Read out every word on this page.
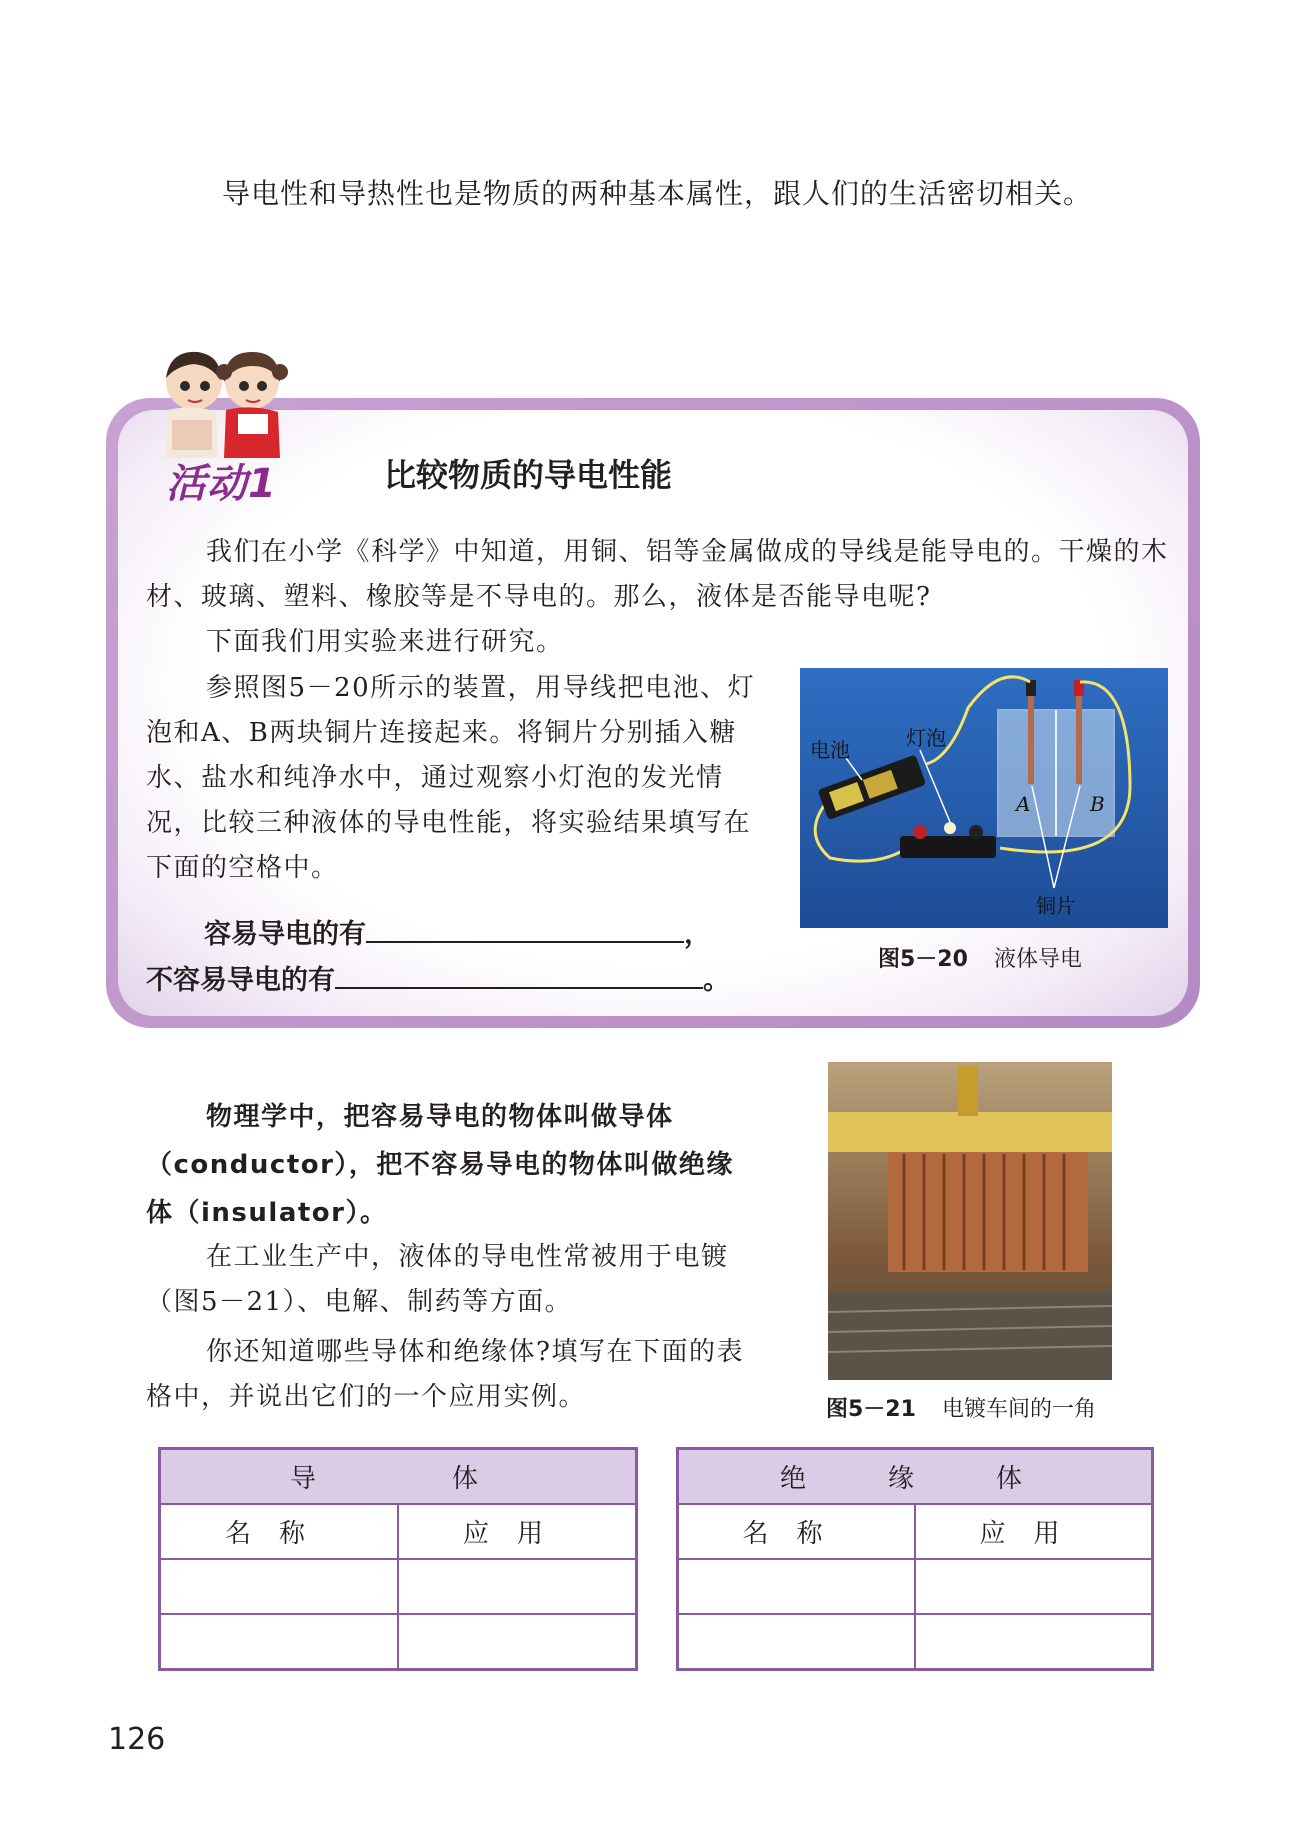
导电性和导热性也是物质的两种基本属性，跟人们的生活密切相关。
活动1	比较物质的导电性能
我们在小学《科学》中知道，用铜、铝等金属做成的导线是能导电的。干燥的木材、玻璃、塑料、橡胶等是不导电的。那么，液体是否能导电呢?
下面我们用实验来进行研究。
参照图5－20所示的装置，用导线把电池、灯泡和A、B两块铜片连接起来。将铜片分别插入糖水、盐水和纯净水中，通过观察小灯泡的发光情况，比较三种液体的导电性能，将实验结果填写在下面的空格中。
容易导电的有	，
不容易导电的有	。
电池	灯泡
A	B
铜片
图5－20 液体导电
物理学中，把容易导电的物体叫做导体（conductor），把不容易导电的物体叫做绝缘体（insulator）。
在工业生产中，液体的导电性常被用于电镀（图5－21）、电解、制药等方面。
你还知道哪些导体和绝缘体?填写在下面的表格中，并说出它们的一个应用实例。	图5－21 电镀车间的一角
导　　体	
名称	应用

绝　缘　体	
名称	应用

126
